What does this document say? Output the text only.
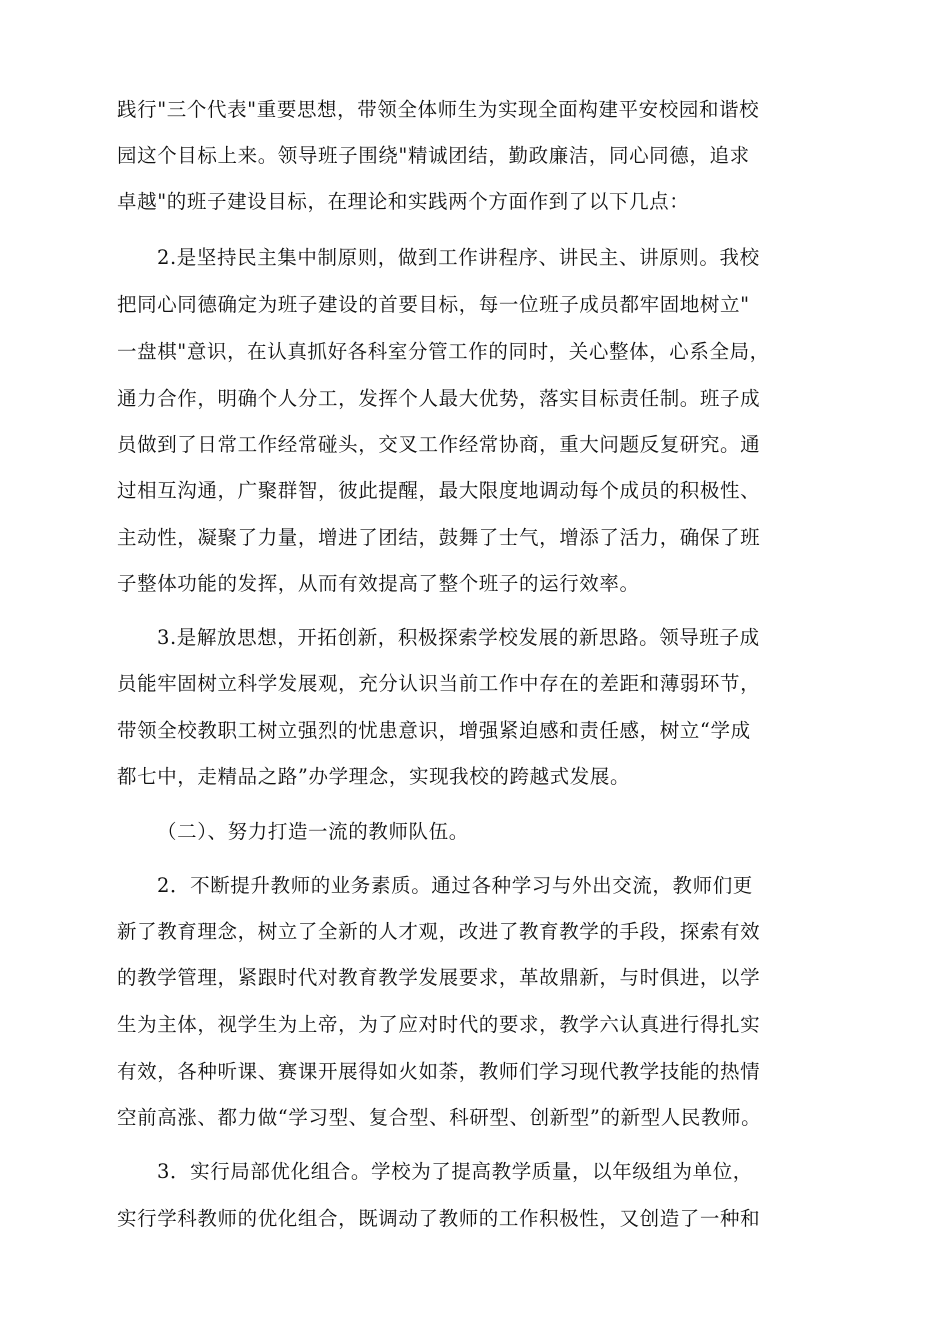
践行"三个代表"重要思想，带领全体师生为实现全面构建平安校园和谐校
园这个目标上来。领导班子围绕"精诚团结，勤政廉洁，同心同德，追求
卓越"的班子建设目标，在理论和实践两个方面作到了以下几点：
2.是坚持民主集中制原则，做到工作讲程序、讲民主、讲原则。我校
把同心同德确定为班子建设的首要目标，每一位班子成员都牢固地树立"
一盘棋"意识，在认真抓好各科室分管工作的同时，关心整体，心系全局，
通力合作，明确个人分工，发挥个人最大优势，落实目标责任制。班子成
员做到了日常工作经常碰头，交叉工作经常协商，重大问题反复研究。通
过相互沟通，广聚群智，彼此提醒，最大限度地调动每个成员的积极性、
主动性，凝聚了力量，增进了团结，鼓舞了士气，增添了活力，确保了班
子整体功能的发挥，从而有效提高了整个班子的运行效率。
3.是解放思想，开拓创新，积极探索学校发展的新思路。领导班子成
员能牢固树立科学发展观，充分认识当前工作中存在的差距和薄弱环节，
带领全校教职工树立强烈的忧患意识，增强紧迫感和责任感，树立“学成
都七中，走精品之路”办学理念，实现我校的跨越式发展。
（二）、努力打造一流的教师队伍。
2．不断提升教师的业务素质。通过各种学习与外出交流，教师们更
新了教育理念，树立了全新的人才观，改进了教育教学的手段，探索有效
的教学管理，紧跟时代对教育教学发展要求，革故鼎新，与时俱进，以学
生为主体，视学生为上帝，为了应对时代的要求，教学六认真进行得扎实
有效，各种听课、赛课开展得如火如荼，教师们学习现代教学技能的热情
空前高涨、都力做“学习型、复合型、科研型、创新型”的新型人民教师。
3．实行局部优化组合。学校为了提高教学质量，以年级组为单位，
实行学科教师的优化组合，既调动了教师的工作积极性，又创造了一种和
